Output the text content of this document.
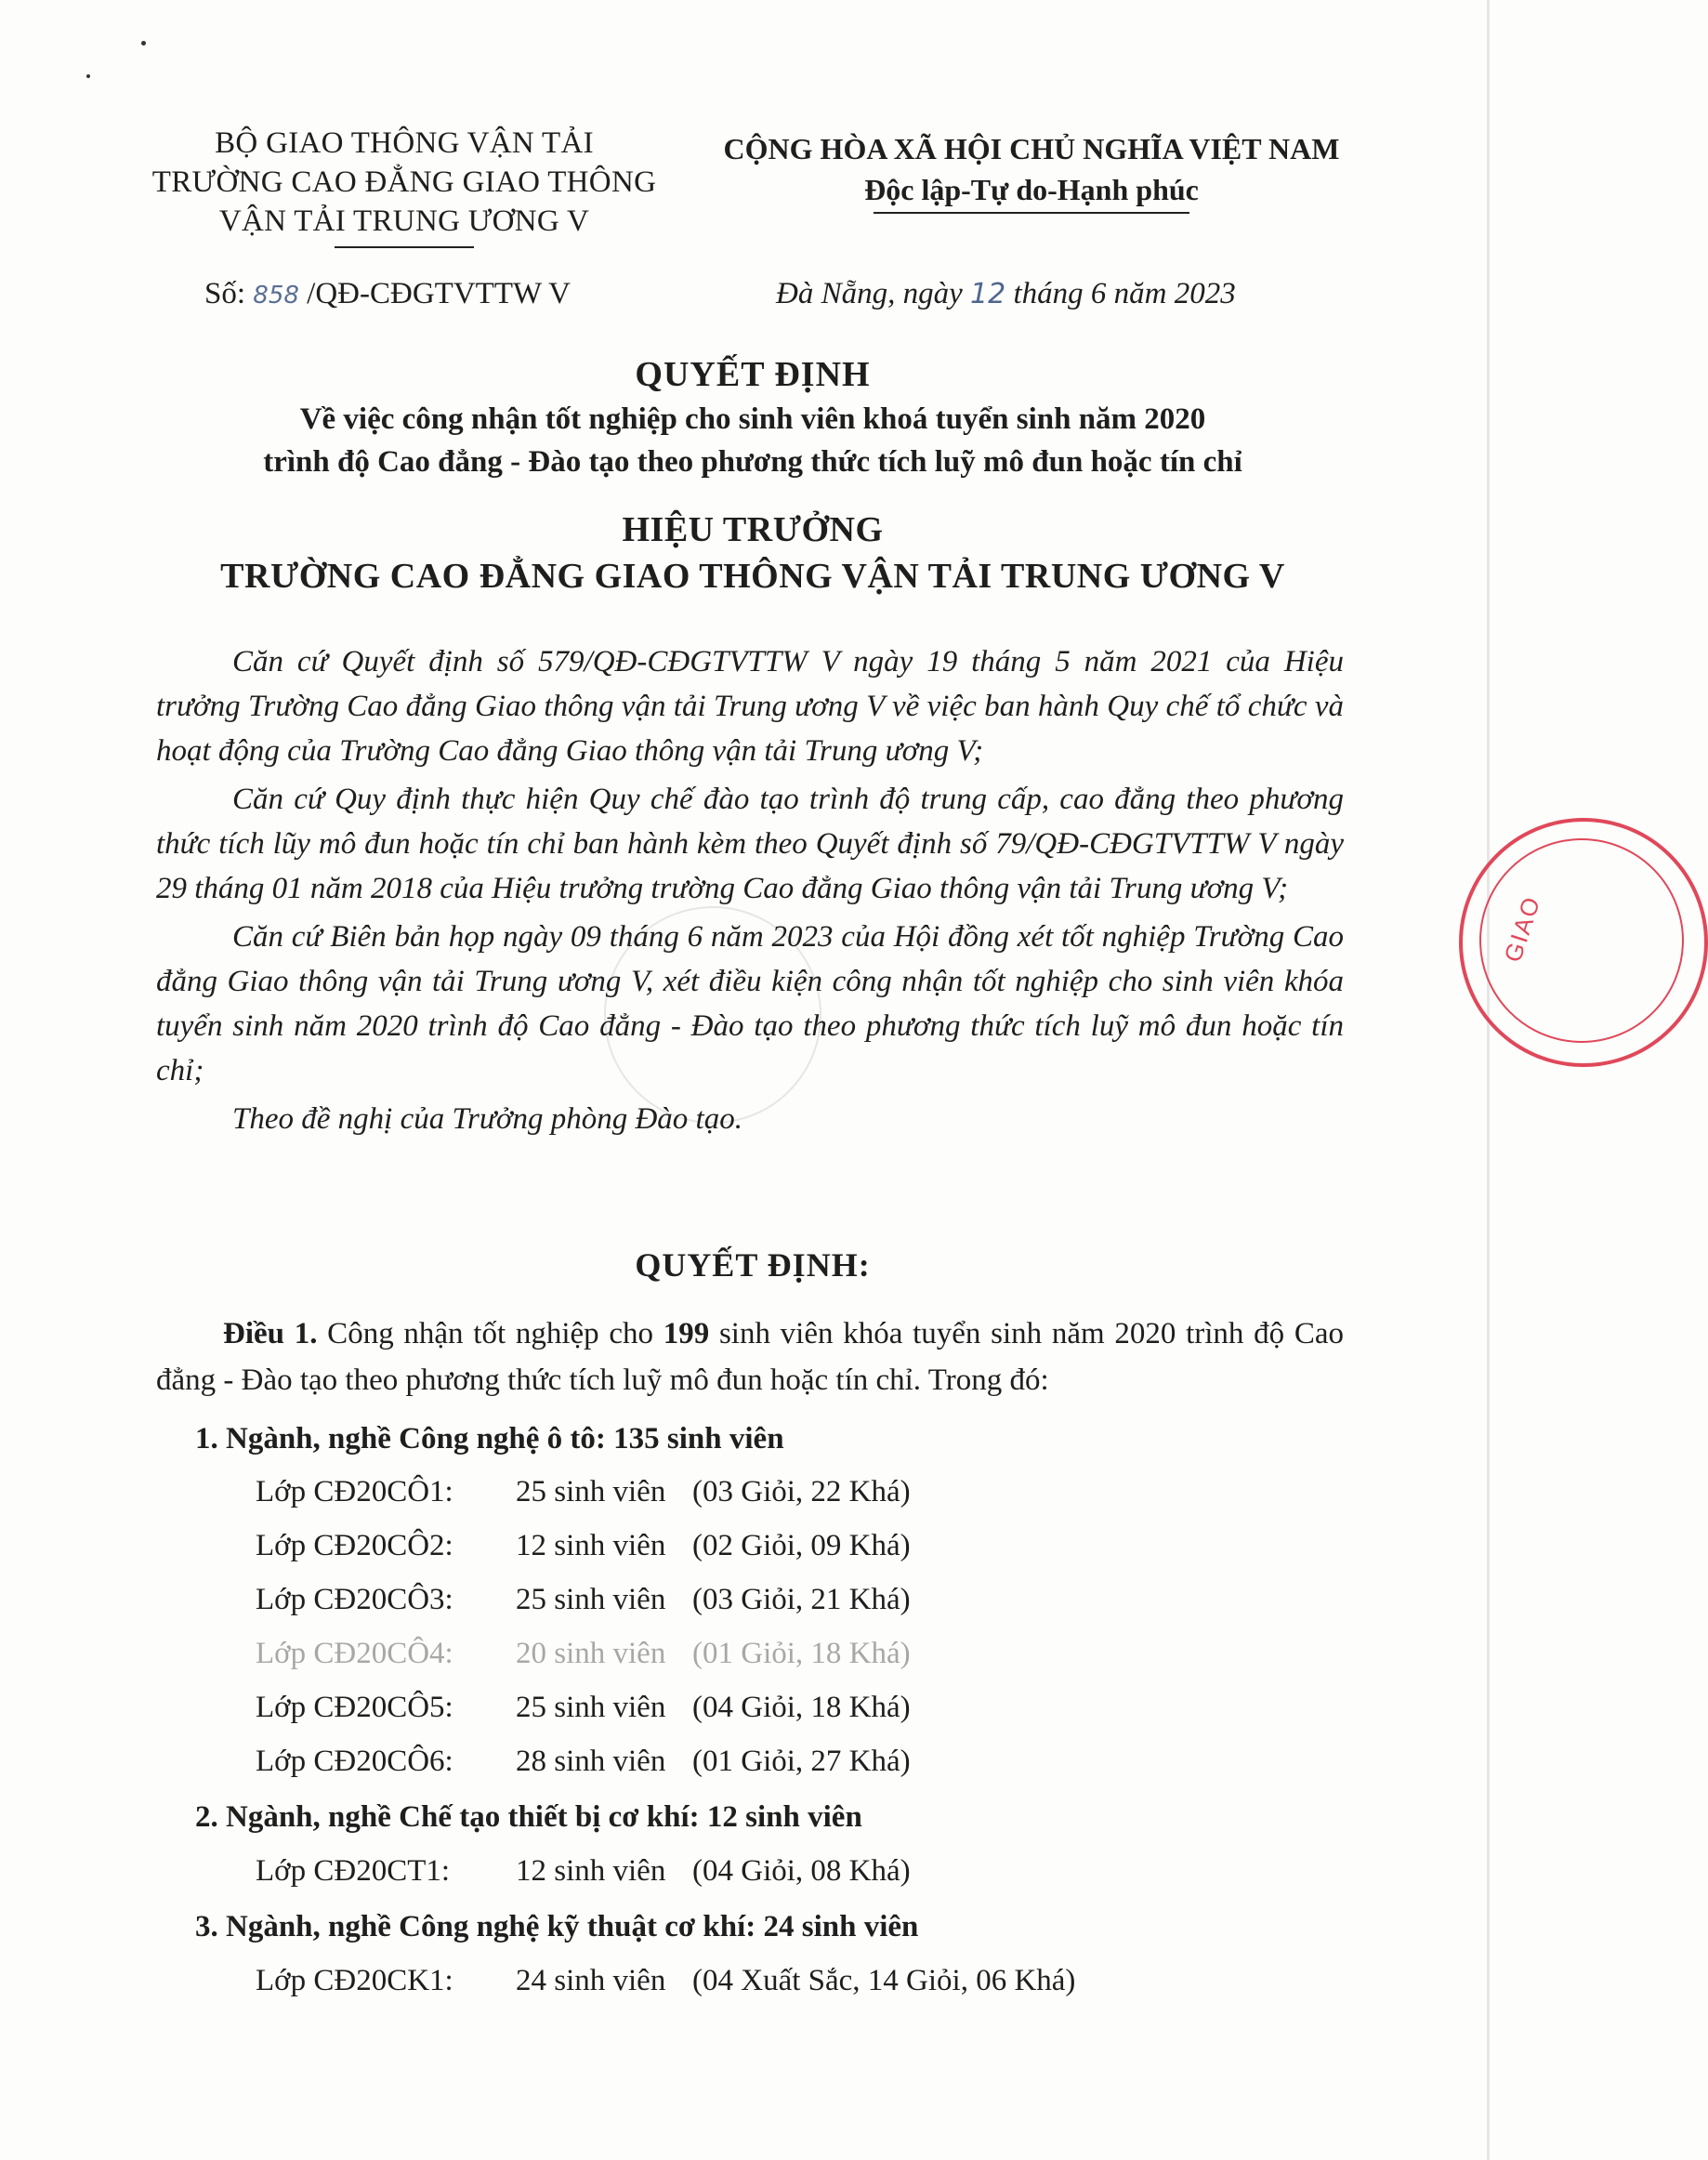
BỘ GIAO THÔNG VẬN TẢI
TRƯỜNG CAO ĐẲNG GIAO THÔNG
VẬN TẢI TRUNG ƯƠNG V
CỘNG HÒA XÃ HỘI CHỦ NGHĨA VIỆT NAM
Độc lập-Tự do-Hạnh phúc
Số: 858 /QĐ-CĐGTVTTW V	Đà Nẵng, ngày 12 tháng 6 năm 2023
QUYẾT ĐỊNH
Về việc công nhận tốt nghiệp cho sinh viên khoá tuyển sinh năm 2020
trình độ Cao đẳng - Đào tạo theo phương thức tích luỹ mô đun hoặc tín chỉ
HIỆU TRƯỞNG
TRƯỜNG CAO ĐẲNG GIAO THÔNG VẬN TẢI TRUNG ƯƠNG V
Căn cứ Quyết định số 579/QĐ-CĐGTVTTW V ngày 19 tháng 5 năm 2021 của Hiệu trưởng Trường Cao đẳng Giao thông vận tải Trung ương V về việc ban hành Quy chế tổ chức và hoạt động của Trường Cao đẳng Giao thông vận tải Trung ương V;
Căn cứ Quy định thực hiện Quy chế đào tạo trình độ trung cấp, cao đẳng theo phương thức tích lũy mô đun hoặc tín chỉ ban hành kèm theo Quyết định số 79/QĐ-CĐGTVTTW V ngày 29 tháng 01 năm 2018 của Hiệu trưởng trường Cao đẳng Giao thông vận tải Trung ương V;
Căn cứ Biên bản họp ngày 09 tháng 6 năm 2023 của Hội đồng xét tốt nghiệp Trường Cao đẳng Giao thông vận tải Trung ương V, xét điều kiện công nhận tốt nghiệp cho sinh viên khóa tuyển sinh năm 2020 trình độ Cao đẳng - Đào tạo theo phương thức tích luỹ mô đun hoặc tín chỉ;
Theo đề nghị của Trưởng phòng Đào tạo.
QUYẾT ĐỊNH:
Điều 1. Công nhận tốt nghiệp cho 199 sinh viên khóa tuyển sinh năm 2020 trình độ Cao đẳng - Đào tạo theo phương thức tích luỹ mô đun hoặc tín chỉ. Trong đó:
1. Ngành, nghề Công nghệ ô tô: 135 sinh viên
Lớp CĐ20CÔ1: 25 sinh viên (03 Giỏi, 22 Khá)
Lớp CĐ20CÔ2: 12 sinh viên (02 Giỏi, 09 Khá)
Lớp CĐ20CÔ3: 25 sinh viên (03 Giỏi, 21 Khá)
Lớp CĐ20CÔ4: 20 sinh viên (01 Giỏi, 18 Khá)
Lớp CĐ20CÔ5: 25 sinh viên (04 Giỏi, 18 Khá)
Lớp CĐ20CÔ6: 28 sinh viên (01 Giỏi, 27 Khá)
2. Ngành, nghề Chế tạo thiết bị cơ khí: 12 sinh viên
Lớp CĐ20CT1: 12 sinh viên (04 Giỏi, 08 Khá)
3. Ngành, nghề Công nghệ kỹ thuật cơ khí: 24 sinh viên
Lớp CĐ20CK1: 24 sinh viên (04 Xuất Sắc, 14 Giỏi, 06 Khá)
GIAO
